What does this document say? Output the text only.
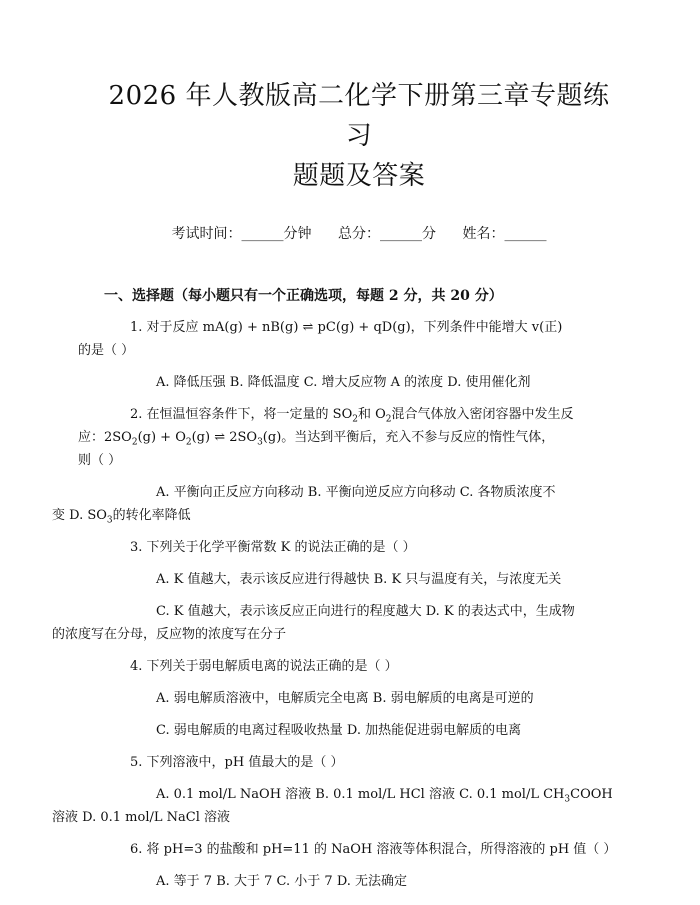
2026 年人教版高二化学下册第三章专题练习
题题及答案
考试时间：______分钟 总分：______分 姓名：______
一、选择题（每小题只有一个正确选项，每题 2 分，共 20 分）

1. 对于反应 mA(g) + nB(g) ⇌ pC(g) + qD(g)，下列条件中能增大 v(正)
的是（ ）

A. 降低压强 B. 降低温度 C. 增大反应物 A 的浓度 D. 使用催化剂

2. 在恒温恒容条件下，将一定量的 $SO_2$和 $O_2$混合气体放入密闭容器中发生反
应：$2SO_2(g) + O_2(g)$ ⇌ $2SO_3(g)$。当达到平衡后，充入不参与反应的惰性气体，
则（ ）

A. 平衡向正反应方向移动 B. 平衡向逆反应方向移动 C. 各物质浓度不
变 D. $SO_3$的转化率降低

3. 下列关于化学平衡常数 K 的说法正确的是（ ）

A. K 值越大，表示该反应进行得越快 B. K 只与温度有关，与浓度无关

C. K 值越大，表示该反应正向进行的程度越大 D. K 的表达式中，生成物
的浓度写在分母，反应物的浓度写在分子

4. 下列关于弱电解质电离的说法正确的是（ ）

A. 弱电解质溶液中，电解质完全电离 B. 弱电解质的电离是可逆的

C. 弱电解质的电离过程吸收热量 D. 加热能促进弱电解质的电离

5. 下列溶液中，pH 值最大的是（ ）

A. 0.1 mol/L NaOH 溶液 B. 0.1 mol/L HCl 溶液 C. 0.1 mol/L $CH_3COOH$
溶液 D. 0.1 mol/L NaCl 溶液

6. 将 pH=3 的盐酸和 pH=11 的 NaOH 溶液等体积混合，所得溶液的 pH 值（ ）

A. 等于 7 B. 大于 7 C. 小于 7 D. 无法确定
